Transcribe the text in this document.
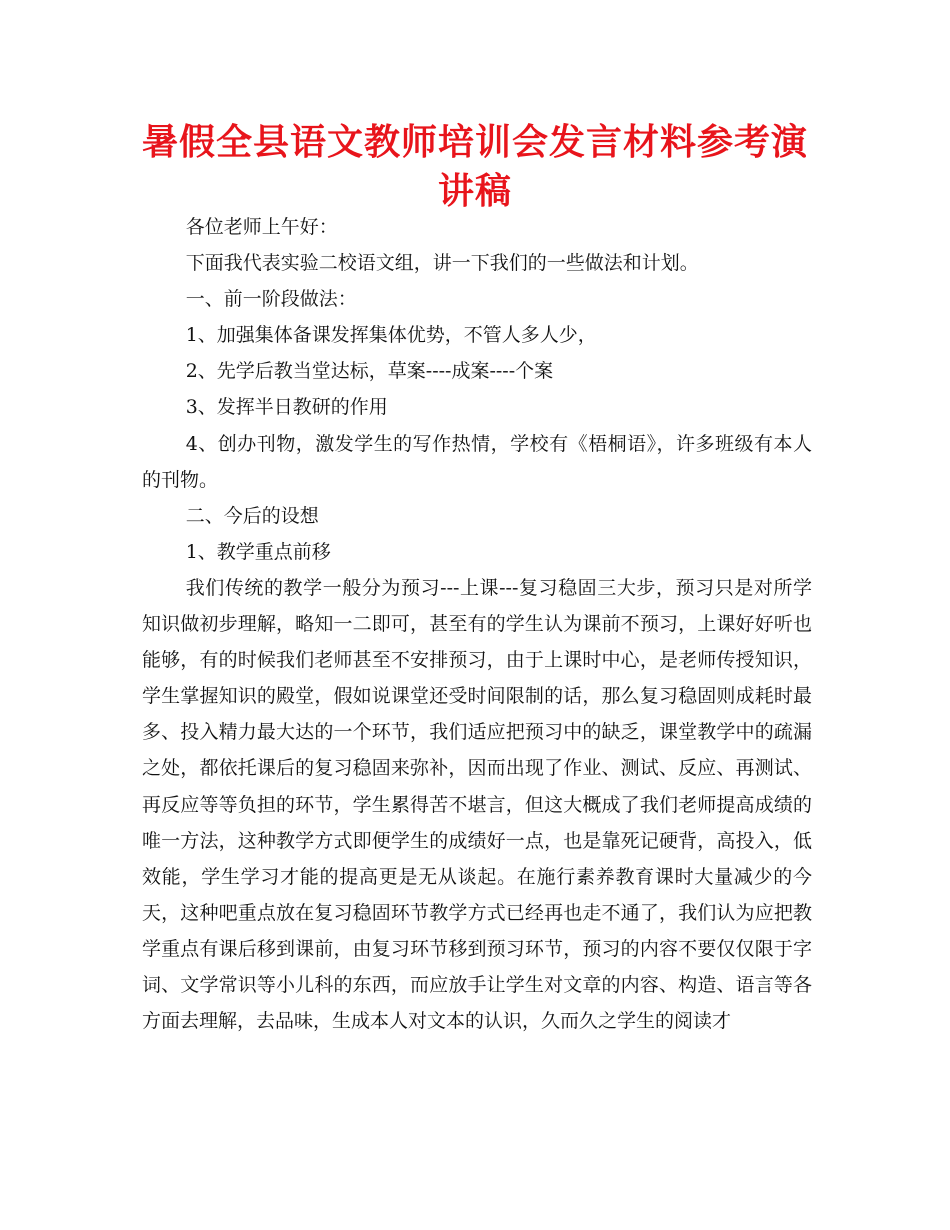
暑假全县语文教师培训会发言材料参考演讲稿

各位老师上午好：

下面我代表实验二校语文组，讲一下我们的一些做法和计划。

一、前一阶段做法：

1、加强集体备课发挥集体优势，不管人多人少，

2、先学后教当堂达标，草案----成案----个案

3、发挥半日教研的作用

4、创办刊物，激发学生的写作热情，学校有《梧桐语》，许多班级有本人的刊物。

二、今后的设想

1、教学重点前移

我们传统的教学一般分为预习---上课---复习稳固三大步，预习只是对所学知识做初步理解，略知一二即可，甚至有的学生认为课前不预习，上课好好听也能够，有的时候我们老师甚至不安排预习，由于上课时中心，是老师传授知识，学生掌握知识的殿堂，假如说课堂还受时间限制的话，那么复习稳固则成耗时最多、投入精力最大达的一个环节，我们适应把预习中的缺乏，课堂教学中的疏漏之处，都依托课后的复习稳固来弥补，因而出现了作业、测试、反应、再测试、再反应等等负担的环节，学生累得苦不堪言，但这大概成了我们老师提高成绩的唯一方法，这种教学方式即便学生的成绩好一点，也是靠死记硬背，高投入，低效能，学生学习才能的提高更是无从谈起。在施行素养教育课时大量减少的今天，这种吧重点放在复习稳固环节教学方式已经再也走不通了，我们认为应把教学重点有课后移到课前，由复习环节移到预习环节，预习的内容不要仅仅限于字词、文学常识等小儿科的东西，而应放手让学生对文章的内容、构造、语言等各方面去理解，去品味，生成本人对文本的认识，久而久之学生的阅读才
